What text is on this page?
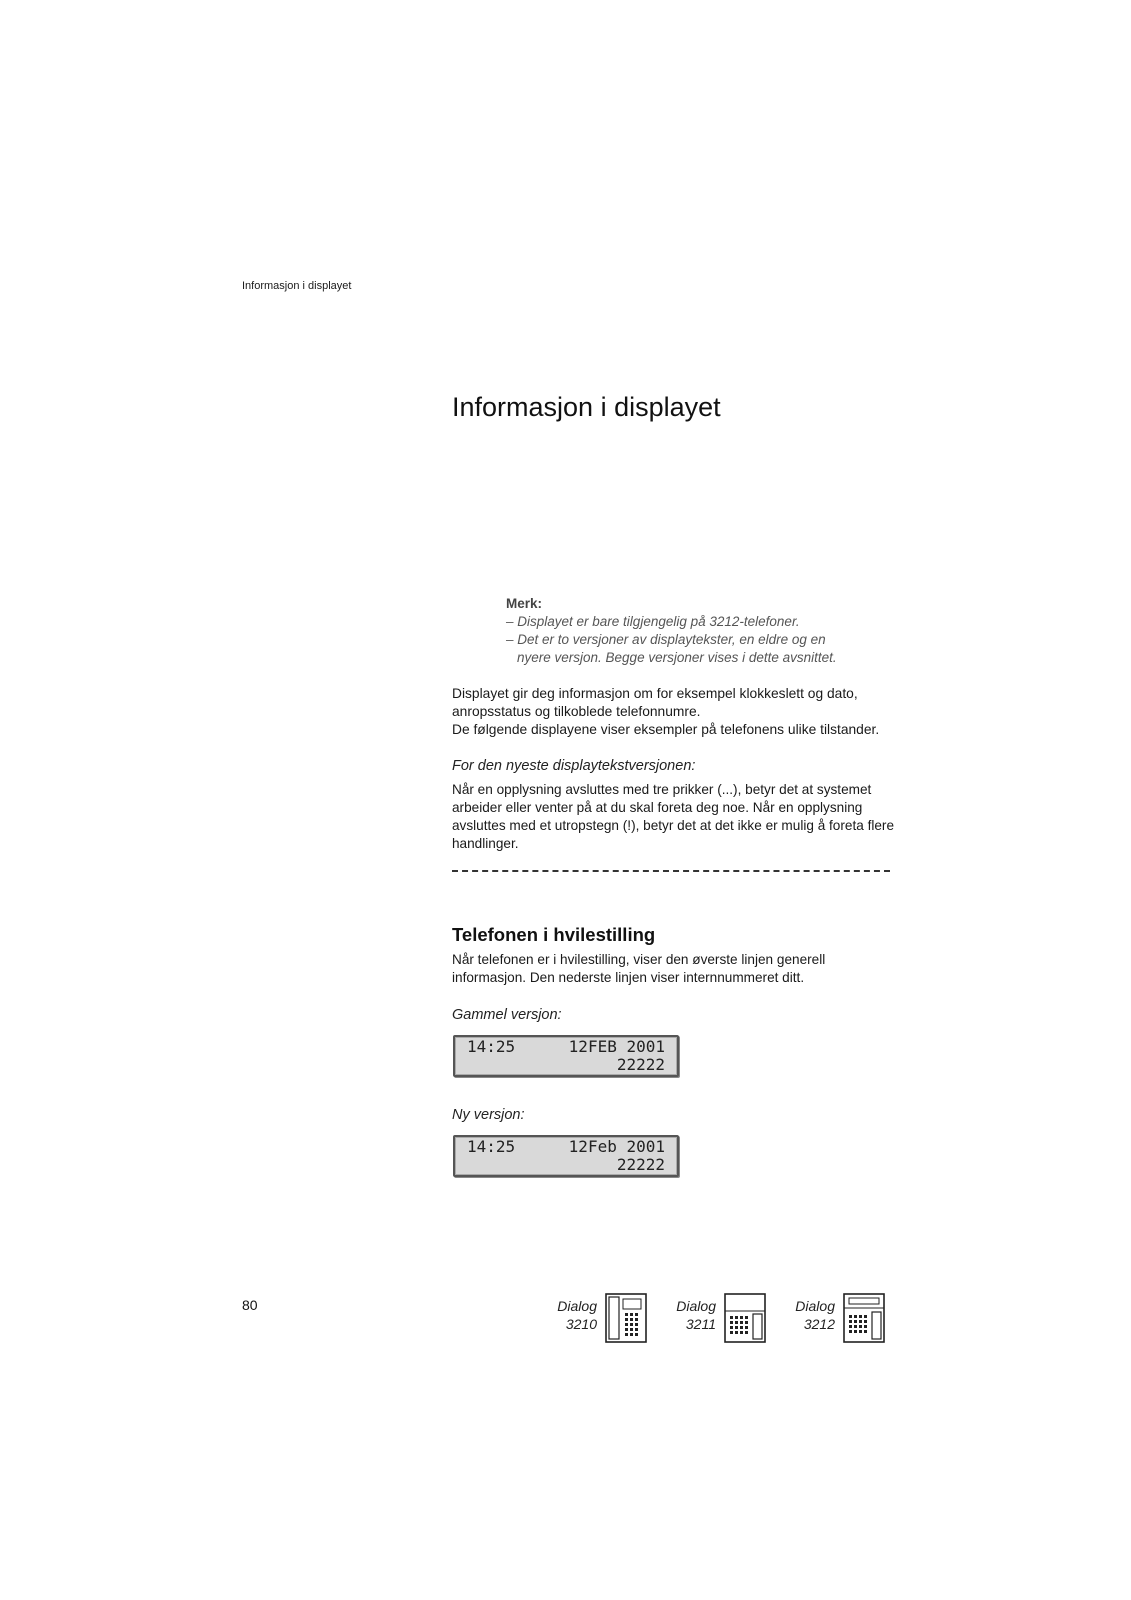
Informasjon i displayet
Informasjon i displayet
Merk:
– Displayet er bare tilgjengelig på 3212-telefoner.
– Det er to versjoner av displaytekster, en eldre og en
nyere versjon. Begge versjoner vises i dette avsnittet.
Displayet gir deg informasjon om for eksempel klokkeslett og dato,
anropsstatus og tilkoblede telefonnumre.
De følgende displayene viser eksempler på telefonens ulike tilstander.
For den nyeste displaytekstversjonen:
Når en opplysning avsluttes med tre prikker (...), betyr det at systemet arbeider eller venter på at du skal foreta deg noe. Når en opplysning avsluttes med et utropstegn (!), betyr det at det ikke er mulig å foreta flere handlinger.
Telefonen i hvilestilling
Når telefonen er i hvilestilling, viser den øverste linjen generell informasjon. Den nederste linjen viser internnummeret ditt.
Gammel versjon:
14:25	12FEB 2001
22222
Ny versjon:
14:25	12Feb 2001
22222
80	Dialog
3210
Dialog
3211
Dialog
3212
